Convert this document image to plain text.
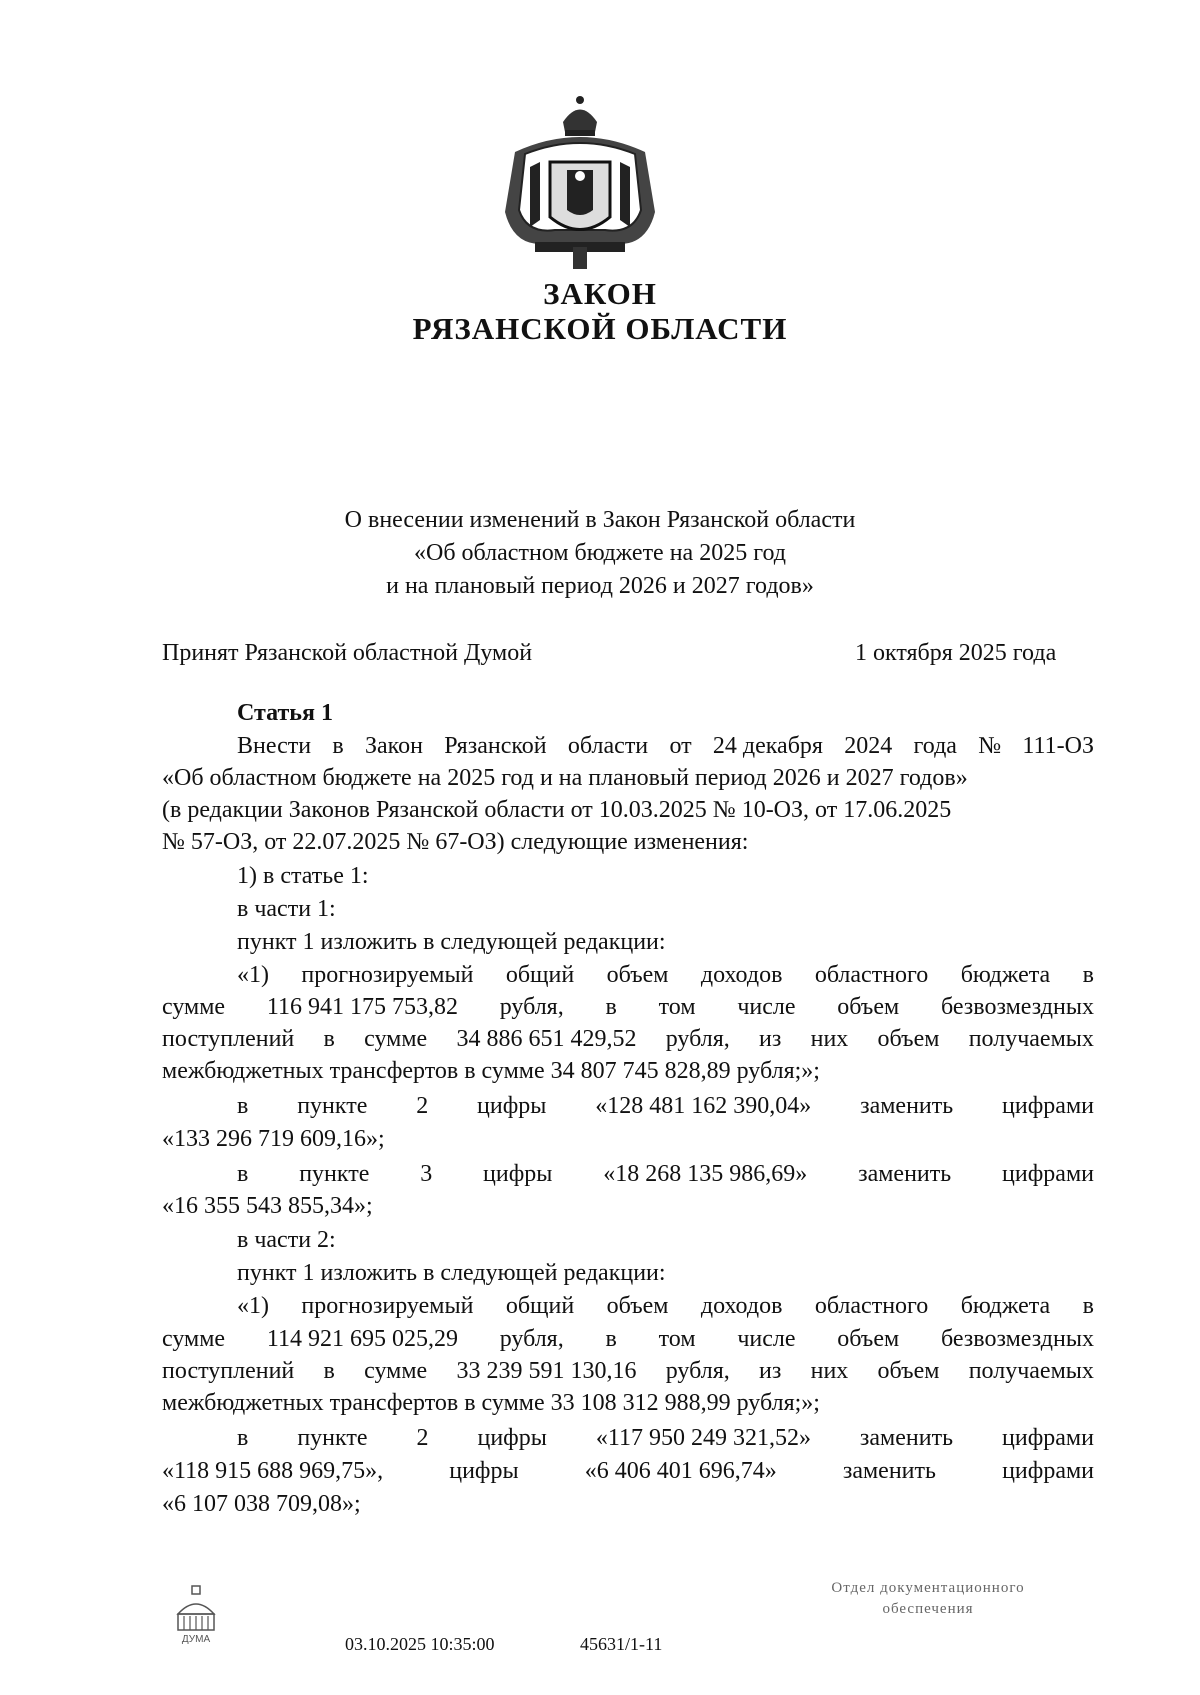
ЗАКОН
РЯЗАНСКОЙ ОБЛАСТИ
О внесении изменений в Закон Рязанской области
«Об областном бюджете на 2025 год
и на плановый период 2026 и 2027 годов»
Принят Рязанской областной Думой	1 октября 2025 года
Статья 1
Внести в Закон Рязанской области от 24 декабря 2024 года № 111-ОЗ
«Об областном бюджете на 2025 год и на плановый период 2026 и 2027 годов»
(в редакции Законов Рязанской области от 10.03.2025 № 10-ОЗ, от 17.06.2025
№ 57-ОЗ, от 22.07.2025 № 67-ОЗ) следующие изменения:
1) в статье 1:
в части 1:
пункт 1 изложить в следующей редакции:
«1) прогнозируемый общий объем доходов областного бюджета в
сумме 116 941 175 753,82 рубля, в том числе объем безвозмездных
поступлений в сумме 34 886 651 429,52 рубля, из них объем получаемых
межбюджетных трансфертов в сумме 34 807 745 828,89 рубля;»;
в пункте 2 цифры «128 481 162 390,04» заменить цифрами
«133 296 719 609,16»;
в пункте 3 цифры «18 268 135 986,69» заменить цифрами
«16 355 543 855,34»;
в части 2:
пункт 1 изложить в следующей редакции:
«1) прогнозируемый общий объем доходов областного бюджета в
сумме 114 921 695 025,29 рубля, в том числе объем безвозмездных
поступлений в сумме 33 239 591 130,16 рубля, из них объем получаемых
межбюджетных трансфертов в сумме 33 108 312 988,99 рубля;»;
в пункте 2 цифры «117 950 249 321,52» заменить цифрами
«118 915 688 969,75»,	цифры	«6 406 401 696,74»	заменить	цифрами
«6 107 038 709,08»;
ДУМА	03.10.2025 10:35:00	45631/1-11
Отдел документационного
обеспечения
